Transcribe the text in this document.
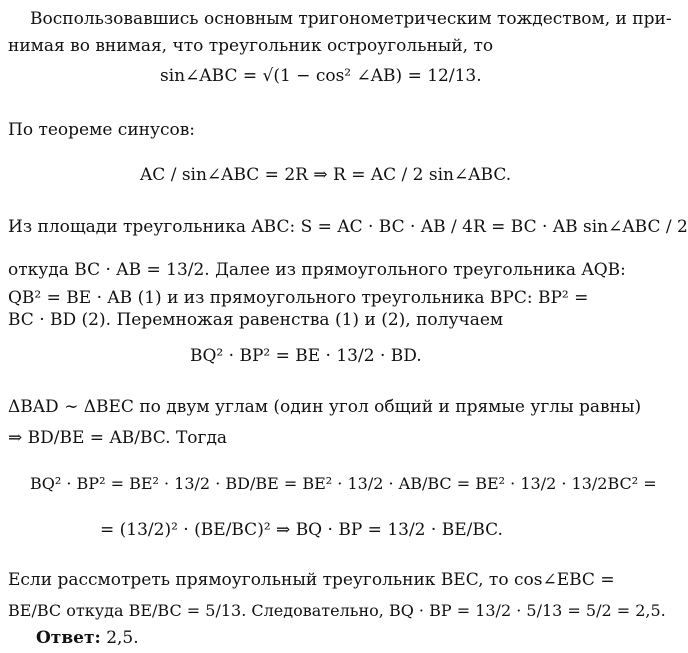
Воспользовавшись основным тригонометрическим тождеством, и при-
нимая во внимая, что треугольник остроугольный, то
sin∠ABC = √(1 − cos² ∠AB) = 12/13.
По теореме синусов:
AC / sin∠ABC = 2R ⇒ R = AC / 2 sin∠ABC.
Из площади треугольника ABC: S = AC · BC · AB / 4R = BC · AB sin∠ABC / 2
откуда BC · AB = 13/2. Далее из прямоугольного треугольника AQB:
QB² = BE · AB (1) и из прямоугольного треугольника BPC: BP² =
BC · BD (2). Перемножая равенства (1) и (2), получаем
BQ² · BP² = BE · 13/2 · BD.
ΔBAD ∼ ΔBEC по двум углам (один угол общий и прямые углы равны)
⇒ BD/BE = AB/BC. Тогда
BQ² · BP² = BE² · 13/2 · BD/BE = BE² · 13/2 · AB/BC = BE² · 13/2 · 13/2BC² =
= (13/2)² · (BE/BC)² ⇒ BQ · BP = 13/2 · BE/BC.
Если рассмотреть прямоугольный треугольник BEC, то cos∠EBC =
BE/BC откуда BE/BC = 5/13. Следовательно, BQ · BP = 13/2 · 5/13 = 5/2 = 2,5.
Ответ: 2,5.
